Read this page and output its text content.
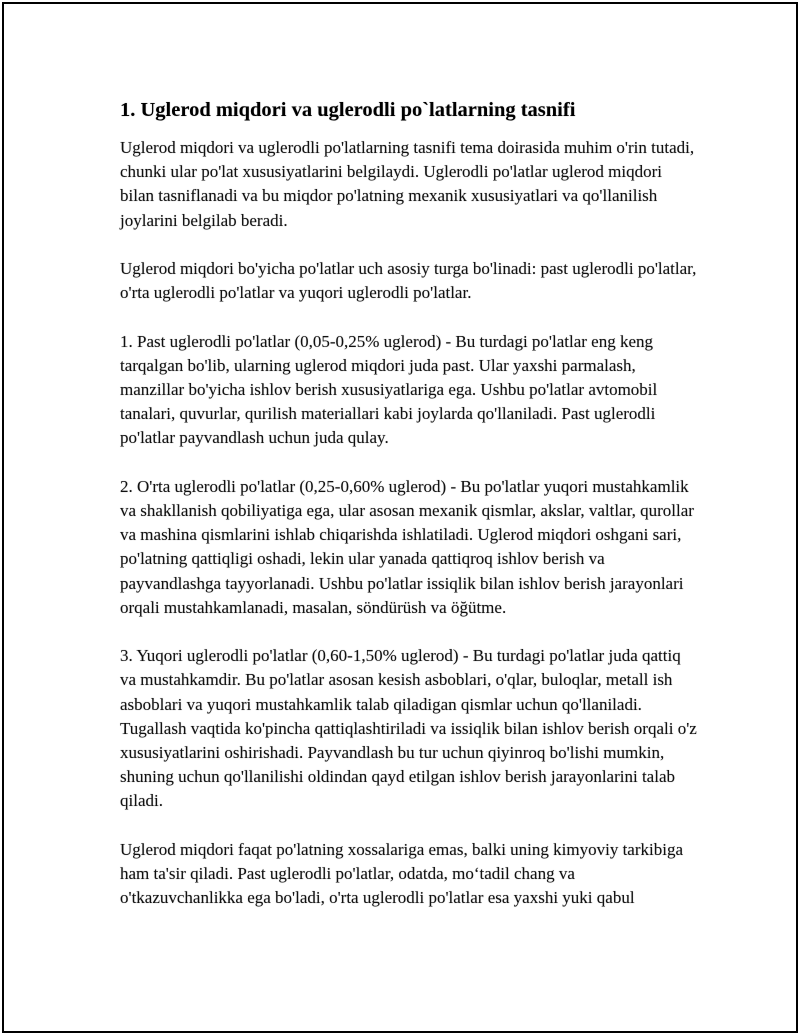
1. Uglerod miqdori va uglerodli po`latlarning tasnifi

Uglerod miqdori va uglerodli po'latlarning tasnifi tema doirasida muhim o'rin tutadi, chunki ular po'lat xususiyatlarini belgilaydi. Uglerodli po'latlar uglerod miqdori bilan tasniflanadi va bu miqdor po'latning mexanik xususiyatlari va qo'llanilish joylarini belgilab beradi.

Uglerod miqdori bo'yicha po'latlar uch asosiy turga bo'linadi: past uglerodli po'latlar, o'rta uglerodli po'latlar va yuqori uglerodli po'latlar.

1. Past uglerodli po'latlar (0,05-0,25% uglerod) - Bu turdagi po'latlar eng keng tarqalgan bo'lib, ularning uglerod miqdori juda past. Ular yaxshi parmalash, manzillar bo'yicha ishlov berish xususiyatlariga ega. Ushbu po'latlar avtomobil tanalari, quvurlar, qurilish materiallari kabi joylarda qo'llaniladi. Past uglerodli po'latlar payvandlash uchun juda qulay.

2. O'rta uglerodli po'latlar (0,25-0,60% uglerod) - Bu po'latlar yuqori mustahkamlik va shakllanish qobiliyatiga ega, ular asosan mexanik qismlar, akslar, valtlar, qurollar va mashina qismlarini ishlab chiqarishda ishlatiladi. Uglerod miqdori oshgani sari, po'latning qattiqligi oshadi, lekin ular yanada qattiqroq ishlov berish va payvandlashga tayyorlanadi. Ushbu po'latlar issiqlik bilan ishlov berish jarayonlari orqali mustahkamlanadi, masalan, söndürüsh va öğütme.

3. Yuqori uglerodli po'latlar (0,60-1,50% uglerod) - Bu turdagi po'latlar juda qattiq va mustahkamdir. Bu po'latlar asosan kesish asboblari, o'qlar, buloqlar, metall ish asboblari va yuqori mustahkamlik talab qiladigan qismlar uchun qo'llaniladi. Tugallash vaqtida ko'pincha qattiqlashtiriladi va issiqlik bilan ishlov berish orqali o'z xususiyatlarini oshirishadi. Payvandlash bu tur uchun qiyinroq bo'lishi mumkin, shuning uchun qo'llanilishi oldindan qayd etilgan ishlov berish jarayonlarini talab qiladi.

Uglerod miqdori faqat po'latning xossalariga emas, balki uning kimyoviy tarkibiga ham ta'sir qiladi. Past uglerodli po'latlar, odatda, mo‘tadil chang va o'tkazuvchanlikka ega bo'ladi, o'rta uglerodli po'latlar esa yaxshi yuki qabul
